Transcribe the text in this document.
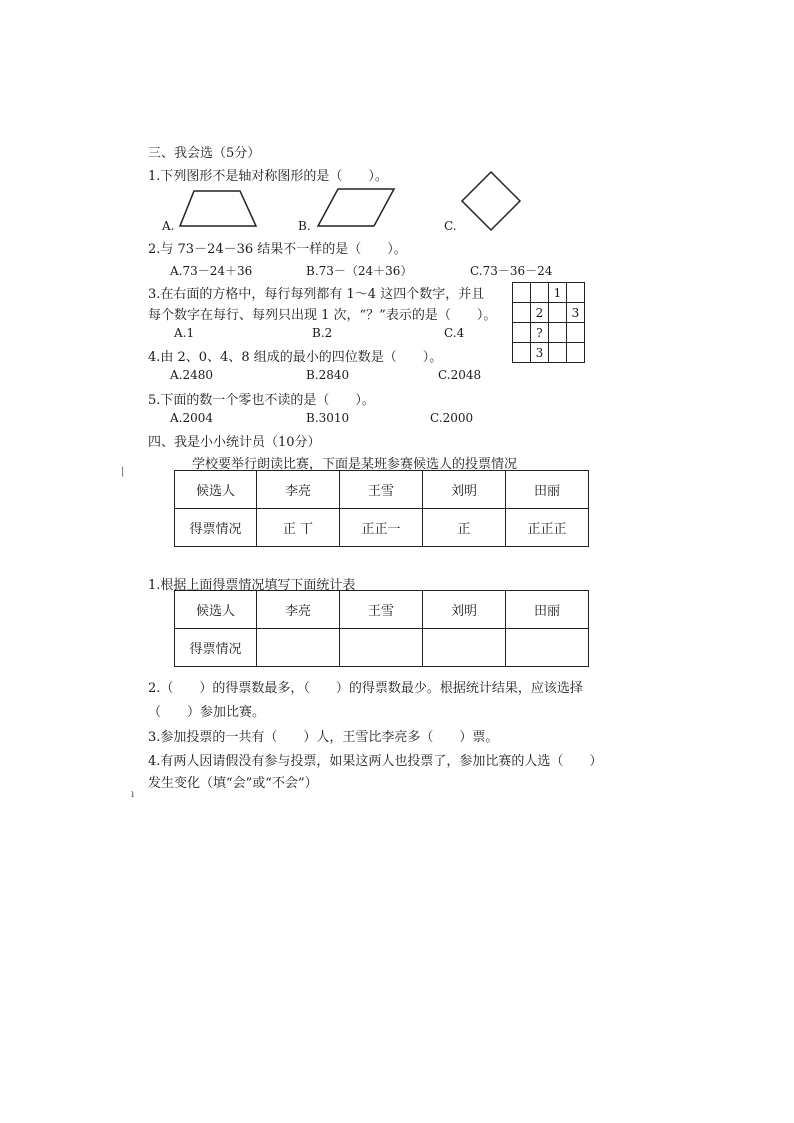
三、我会选（5分）
1.下列图形不是轴对称图形的是（　　）。
A.	B.	C.
2.与 73－24－36 结果不一样的是（　　）。
A.73－24＋36	B.73－（24＋36）	C.73－36－24
3.在右面的方格中，每行每列都有 1～4 这四个数字，并且
每个数字在每行、每列只出现 1 次，“？”表示的是（　　）。
A.1	B.2	C.4
		1	
	2		3
	?		
	3		
4.由 2、0、4、8 组成的最小的四位数是（　　）。
A.2480	B.2840	C.2048
5.下面的数一个零也不读的是（　　）。
A.2004	B.3010	C.2000
四、我是小小统计员（10分）
学校要举行朗读比赛，下面是某班参赛候选人的投票情况
|
候选人	李亮	王雪	刘明	田丽
得票情况	正 丅	正正一	正	正正正
1.根据上面得票情况填写下面统计表
候选人	李亮	王雪	刘明	田丽
得票情况				
2.（　　）的得票数最多，（　　）的得票数最少。根据统计结果，应该选择
（　　）参加比赛。
3.参加投票的一共有（　　）人，王雪比李亮多（　　）票。
4.有两人因请假没有参与投票，如果这两人也投票了，参加比赛的人选（　　）
发生变化（填“会”或“不会”）
ı
